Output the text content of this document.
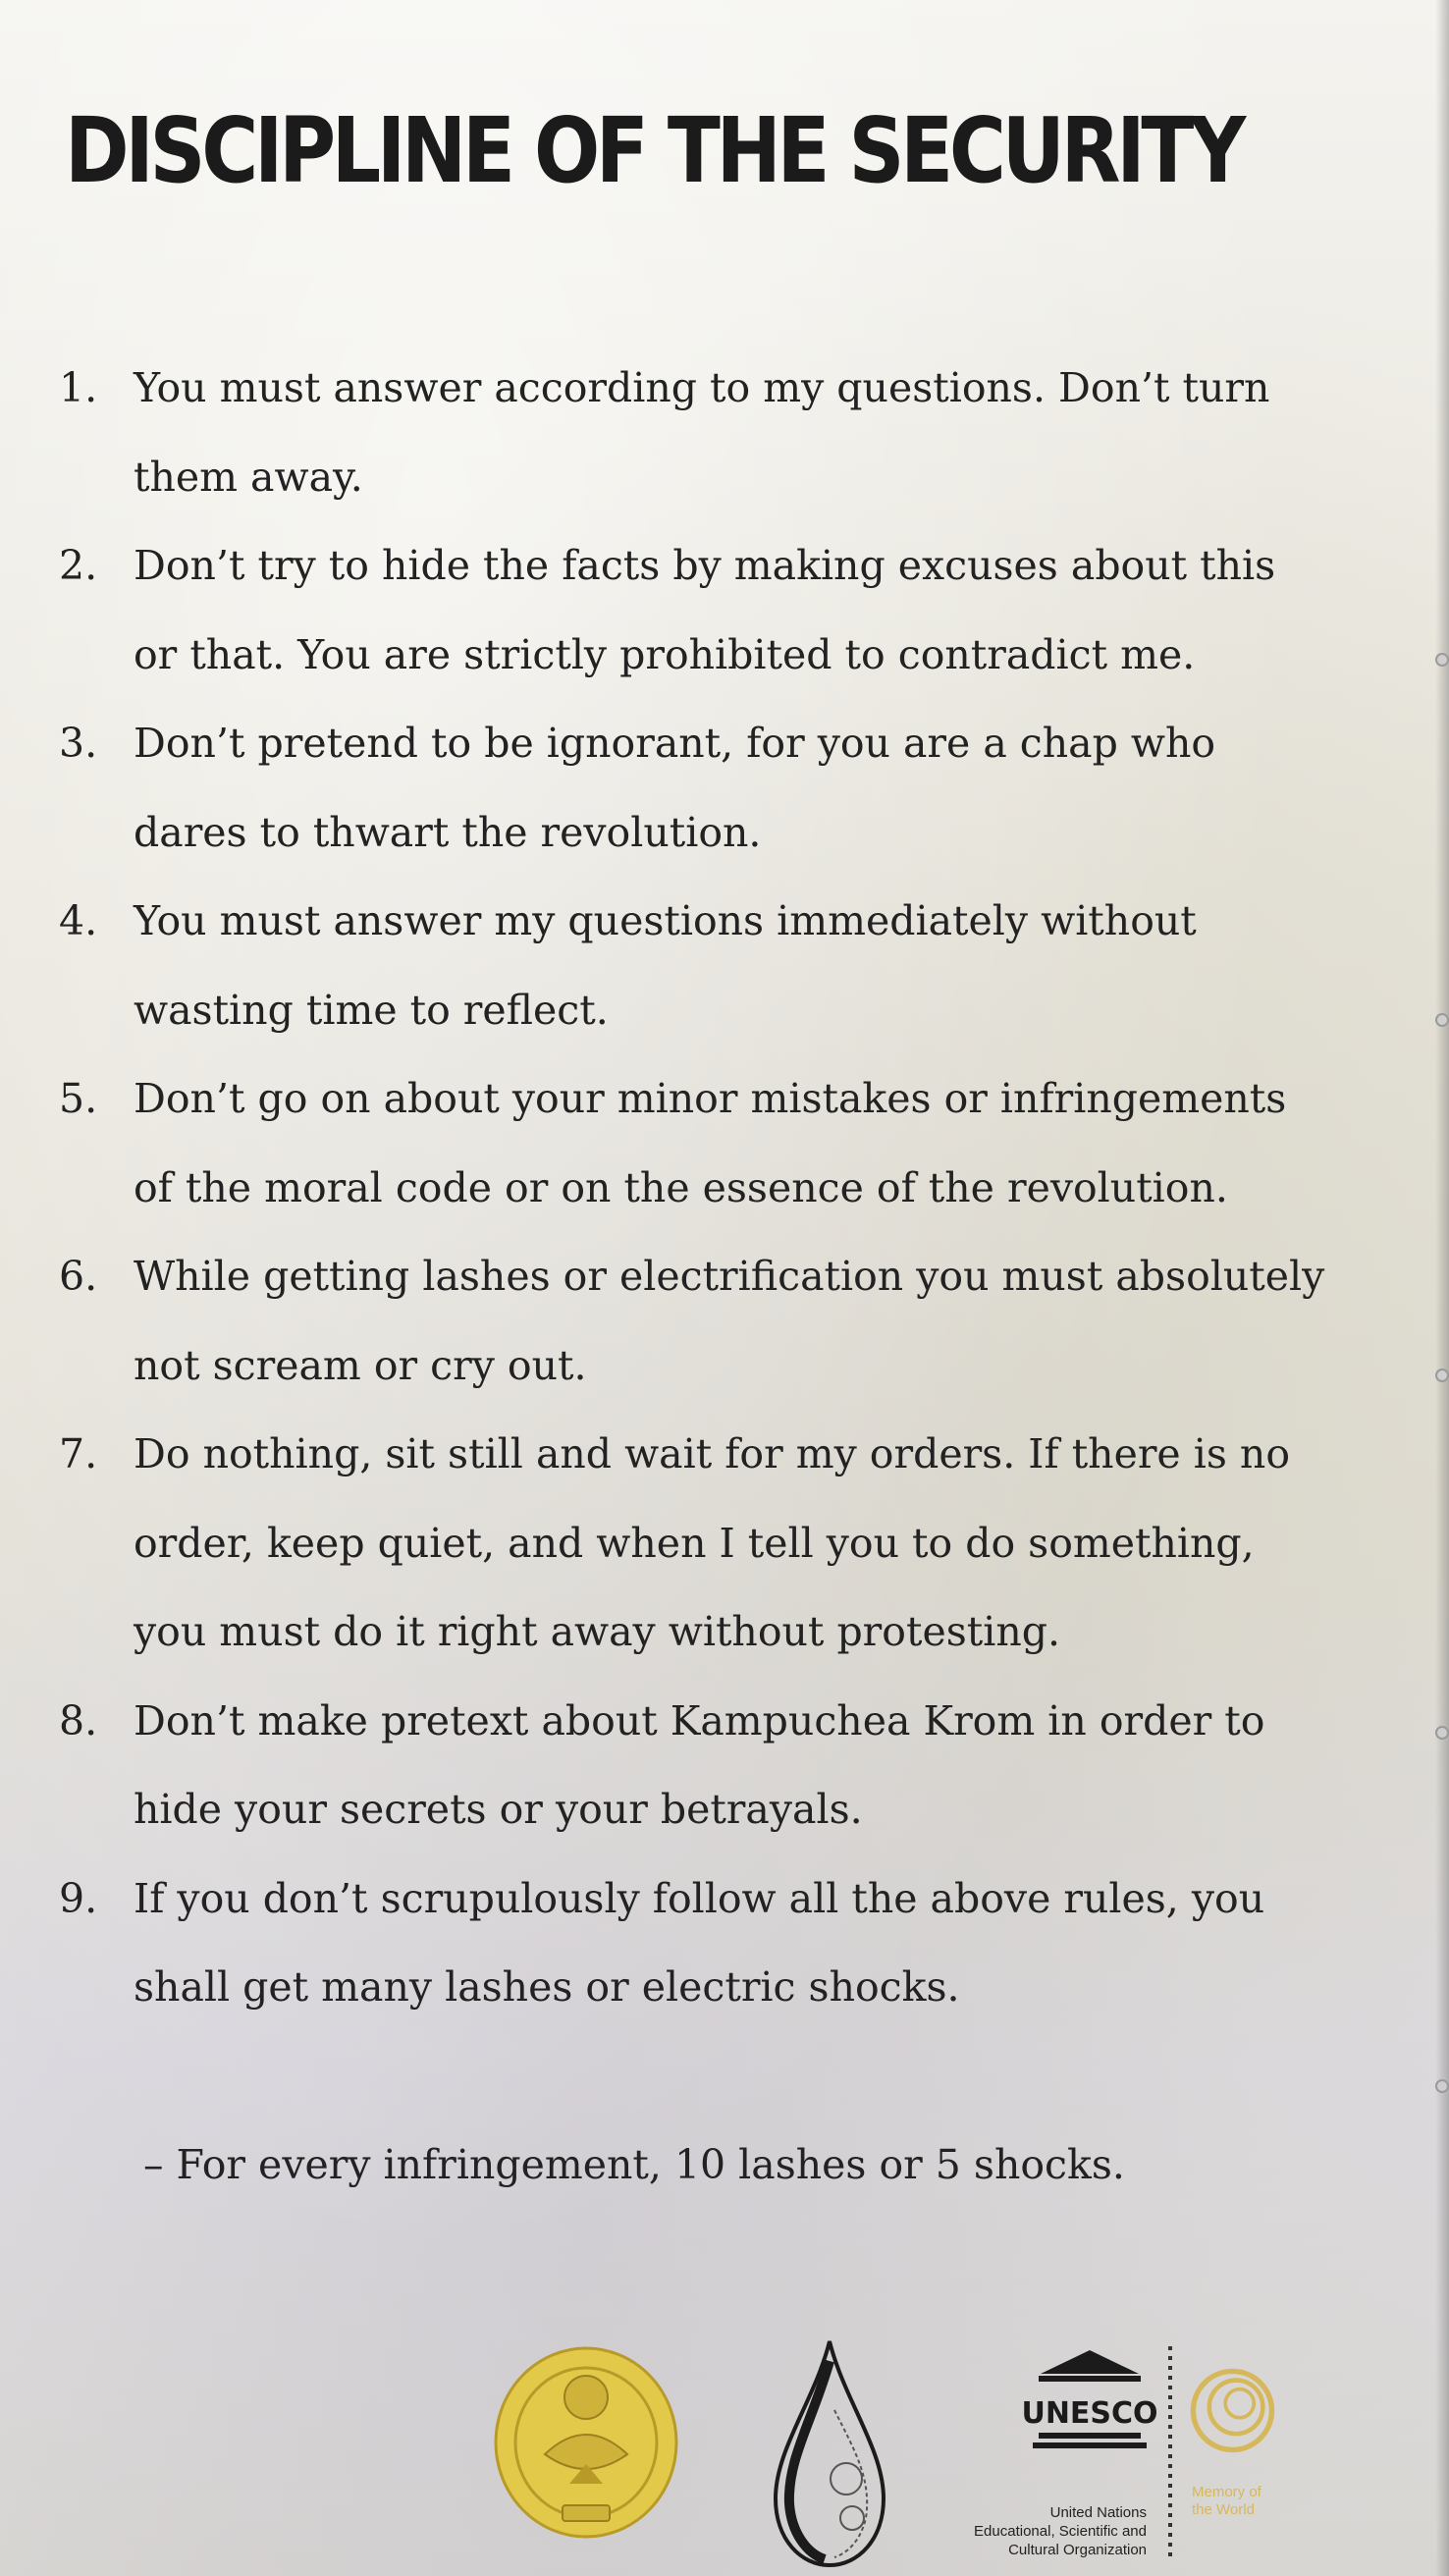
DISCIPLINE OF THE SECURITY
1. You must answer according to my questions. Don’t turn them away.
2. Don’t try to hide the facts by making excuses about this or that. You are strictly prohibited to contradict me.
3. Don’t pretend to be ignorant, for you are a chap who dares to thwart the revolution.
4. You must answer my questions immediately without wasting time to reflect.
5. Don’t go on about your minor mistakes or infringements of the moral code or on the essence of the revolution.
6. While getting lashes or electrification you must absolutely not scream or cry out.
7. Do nothing, sit still and wait for my orders. If there is no order, keep quiet, and when I tell you to do something, you must do it right away without protesting.
8. Don’t make pretext about Kampuchea Krom in order to hide your secrets or your betrayals.
9. If you don’t scrupulously follow all the above rules, you shall get many lashes or electric shocks.
– For every infringement, 10 lashes or 5 shocks.
UNESCO
United Nations
Educational, Scientific and
Cultural Organization
Memory of
the World
